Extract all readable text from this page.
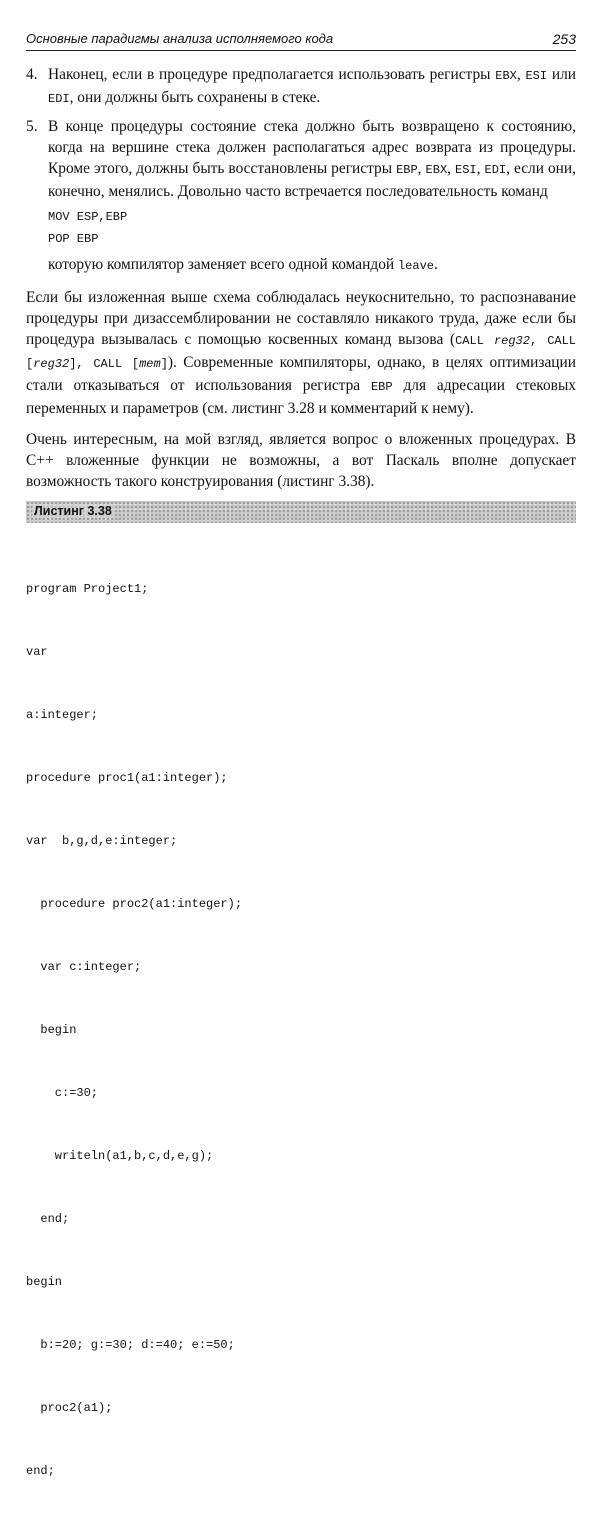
Основные парадигмы анализа исполняемого кода	253
4. Наконец, если в процедуре предполагается использовать регистры EBX, ESI или EDI, они должны быть сохранены в стеке.
5. В конце процедуры состояние стека должно быть возвращено к состоянию, когда на вершине стека должен располагаться адрес возврата из процедуры. Кроме этого, должны быть восстановлены регистры EBP, EBX, ESI, EDI, если они, конечно, менялись. Довольно часто встречается последовательность команд
MOV ESP,EBP
POP EBP
которую компилятор заменяет всего одной командой leave.
Если бы изложенная выше схема соблюдалась неукоснительно, то распознавание процедуры при дизассемблировании не составляло никакого труда, даже если бы процедура вызывалась с помощью косвенных команд вызова (CALL reg32, CALL [reg32], CALL [mem]). Современные компиляторы, однако, в целях оптимизации стали отказываться от использования регистра EBP для адресации стековых переменных и параметров (см. листинг 3.28 и комментарий к нему).
Очень интересным, на мой взгляд, является вопрос о вложенных процедурах. В С++ вложенные функции не возможны, а вот Паскаль вполне допускает возможность такого конструирования (листинг 3.38).
Листинг 3.38

program Project1;

var

a:integer;

procedure proc1(a1:integer);

var  b,g,d,e:integer;

procedure proc2(a1:integer);

var c:integer;

begin

c:=30;

writeln(a1,b,c,d,e,g);

end;

begin

b:=20; g:=30; d:=40; e:=50;

proc2(a1);

end;
